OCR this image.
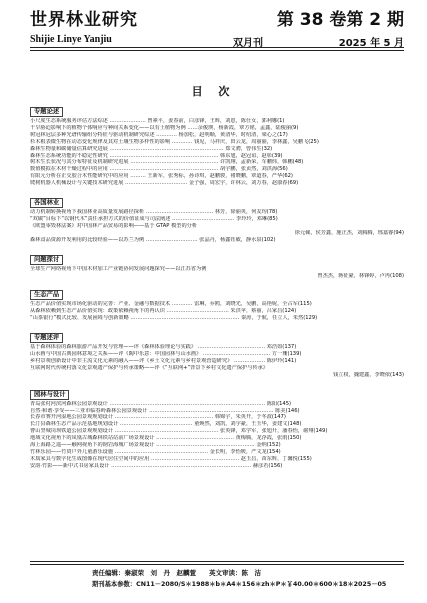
世界林业研究	第 38 卷第 2 期
Shijie Linye Yanjiu	双月刊	2025 年 5 月
目 次
专题论述
小尺度生态系统服务评估方法综述 ………………… 曾素平，姜春前，白彦锋，王辉，刘恩，陈仕女，郭利娜(1)
干旱胁迫影响下的植物个体响应与种间关系变化——以有土植物为例 ……余俊瑛，杨新霞，覃方铭，孟鑫，陆俊丽(9)
树冠林冠层多种光谱传输组分特征与驱动机制研究综述 ………… 杨加松，赵明顺，黄清华，时绍清，梁心之(17)
杉木根表微生物在动态变化规律及其对土壤生物多样性的影响 ………… 钱见，马祥庆，田云龙，周丽丽，李林鑫，吴鹏飞(25)
森林生物量和碳储量估算研究进展 ………………………………………………………… 郑文骋，曾伟生(32)
森林生态系统功能的不稳定性研究 ……………………………………………………… 韩东旭，赵冠谊，赵彰(39)
树木生长状况与其分布特征及机制研究进展 …………………………………………… 许凯翔，孟新荣，车鹏炜，韩鹏(48)
数值模拟在木材干燥过程中的应用 ……………………………………………………… 胡宇鹏，张贞然，刘洪海(56)
有限元分析在正交胶合木性能研究中的应用 ……… 王新军，张秀标，孙诗琪，赵鹏骏，褚晓鹏，覃道春，严华(62)
爬树机器人机械设计与关键技术研究进展 ……………………………… 金子强，周宏宇，许林云，刘万春，赵康春(69)
各国林业
动力机制转换视角下我国林业高质量发展路径探析 ………………………………… 林芳，徐丽英，何友均(78)
“双碳”目标下“以钢代木”责任承担方式的价值证成与司法阐述 ……………………………… 李玲玲，邓琳(85)
《欧盟零毁林法案》对中国林产品贸易的影响——基于 GTAP 模型的分析
徐元佩，侯芳鑫，施正杰，刘腾腾，邢嘉睿(94)
森林食品资源开发利用的比较经验——以苏兰为例 ………………………… 张晶丹，杨鑫钰敏，静水泉(102)
问题探讨
全球生产网络视角下中国木材加工产业链协同发展问题探究——以江苏省为例
曾杰杰，蒋征豪，林锋婷，卢冉(108)
生态产品
生态产品价值实现市场化驱动的完善：产业、金融与数据技术 ………… 雷琳，乔鸥，刘晓光，吴鹏，高艳妮，全占军(115)
从森林依赖到生态产品价值实现：政策依赖视角下的再认识 ……………………………… 朱洪苹，蔡丽，吕家昌(124)
“山茶银行”模式比较、发展困境与创新策略 ……………………………………………………… 秦涛，于航，任立人，朱然(129)
专题述评
基于森林体验的森林旅游产品开发与管理——评《森林体验理论与实践》 ………………………………… 邓浩如(137)
山水画与中国古典园林意境之关系——评《陶中乐意：中国园林与山水画》 ………………………………… 方一珊(139)
乡村景观创新设计中非主流文化元素的融入——评《乡土文化元素与乡村景观营造研究》 ……………… 陈伊玲(141)
互联网时代传统村落文化景观遗产保护与传承策略——评《“互联网+”背景下乡村文化遗产保护与传承》
钱立权，魏建鑫，李晓依(143)
园林与设计
青岛张村河滨河森林公园景观设计 ……………………………………………………………………………… 陈阳(145)
自然·和谐·享受——三亚市临春岭森林公园景观设计 ……………………………………………………………… 陈美(146)
长春市赛开河湿地公园景观规划设计 ………………………………………………… 韩锦宇，朱英开，于冬波(147)
长汀县森林生态产品示范基地规划设计 …………………………………… 童焕然，刘凯，刘宇豪，王玉华，姜建文(148)
曹山坚城岗坝铁道公园景观规划设计 …………………………………………………… 张英锋，邓学军，张旭升，潘春怡，谢翔(149)
地域文化视角下的凤凰古城森林铁站站前广场景观设计 ……………………………………… 黄梅腾，龙浮霞，张雨(150)
海上海路之遥——触网视角下的钢岩海城广场景观设计 ………………………………………………… 金纳(152)
竹林乐园——竹资户外儿童游乐设施 ……………………………………………… 金长明，李怡媛，严文龙(154)
木质家具与数字化生成图像在现代居住空间中的应用 …………………………………………… 赵玉昌，苗东辉，丁馨悦(155)
安韵·竹影——新中式书房家具设计 ……………………………………………………………………… 赫彦若(156)
责任编辑：秦淑荣　刘　丹　赵麟萱　　英文审读：陈　洁
期刊基本参数：CN11－2080/S＊1988＊b＊A4＊156＊zh＊P＊￥40.00＊600＊18＊2025－05
